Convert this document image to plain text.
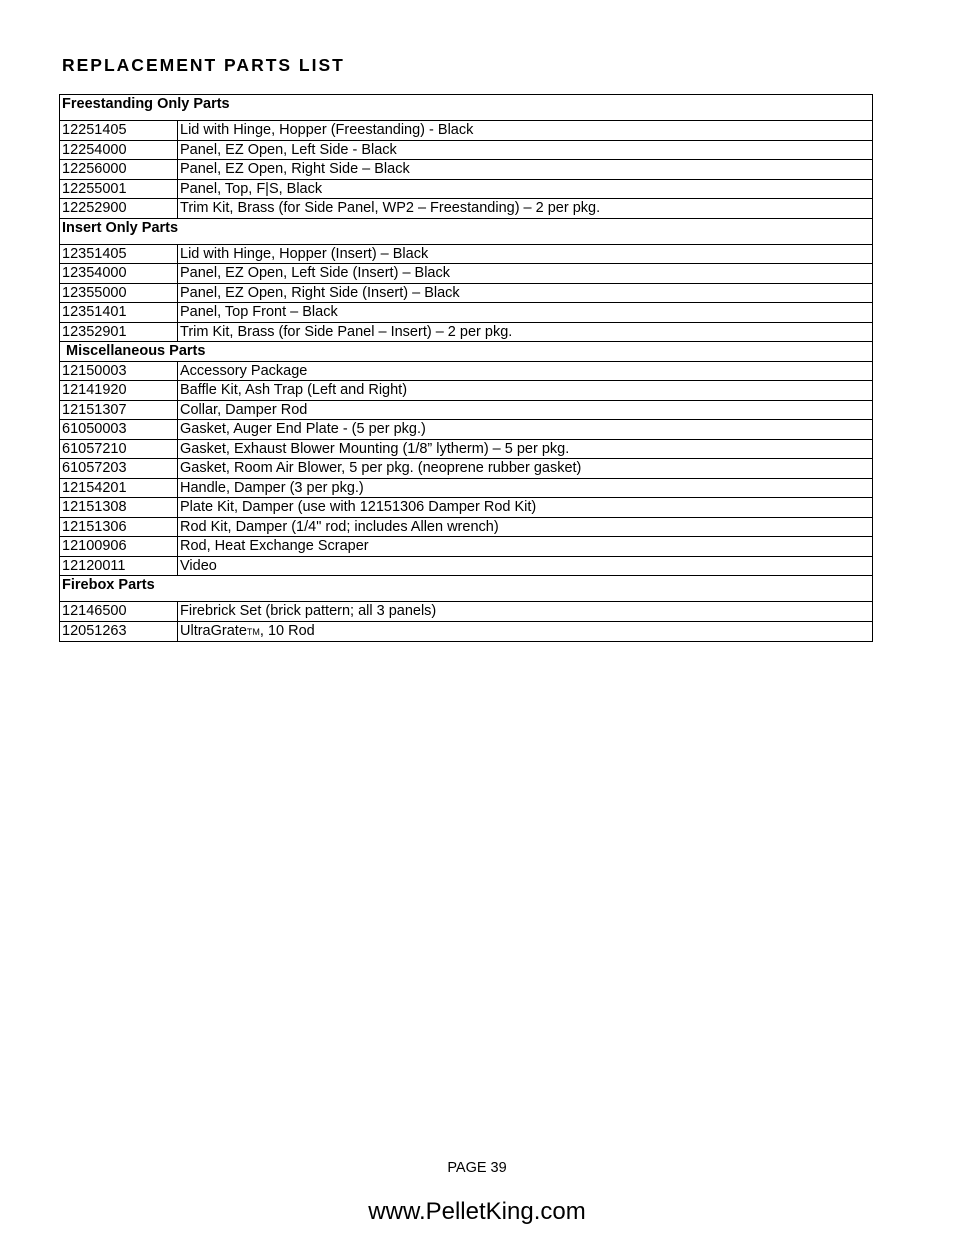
REPLACEMENT PARTS LIST
Freestanding Only Parts	
12251405	Lid with Hinge, Hopper (Freestanding) - Black
12254000	Panel, EZ Open, Left Side - Black
12256000	Panel, EZ Open, Right Side – Black
12255001	Panel, Top, F|S, Black
12252900	Trim Kit, Brass (for Side Panel, WP2 – Freestanding) – 2 per pkg.
Insert Only Parts	
12351405	Lid with Hinge, Hopper (Insert) – Black
12354000	Panel, EZ Open, Left Side (Insert) – Black
12355000	Panel, EZ Open, Right Side (Insert) – Black
12351401	Panel, Top Front – Black
12352901	Trim Kit, Brass (for Side Panel – Insert) – 2 per pkg.
Miscellaneous Parts	
12150003	Accessory Package
12141920	Baffle Kit, Ash Trap (Left and Right)
12151307	Collar, Damper Rod
61050003	Gasket, Auger End Plate - (5 per pkg.)
61057210	Gasket, Exhaust Blower Mounting (1/8” lytherm) – 5 per pkg.
61057203	Gasket, Room Air Blower, 5 per pkg. (neoprene rubber gasket)
12154201	Handle, Damper (3 per pkg.)
12151308	Plate Kit, Damper (use with 12151306 Damper Rod Kit)
12151306	Rod Kit, Damper (1/4" rod; includes Allen wrench)
12100906	Rod, Heat Exchange Scraper
12120011	Video
Firebox Parts	
12146500	Firebrick Set (brick pattern; all 3 panels)
12051263	UltraGrateTM, 10 Rod
PAGE 39
www.PelletKing.com
